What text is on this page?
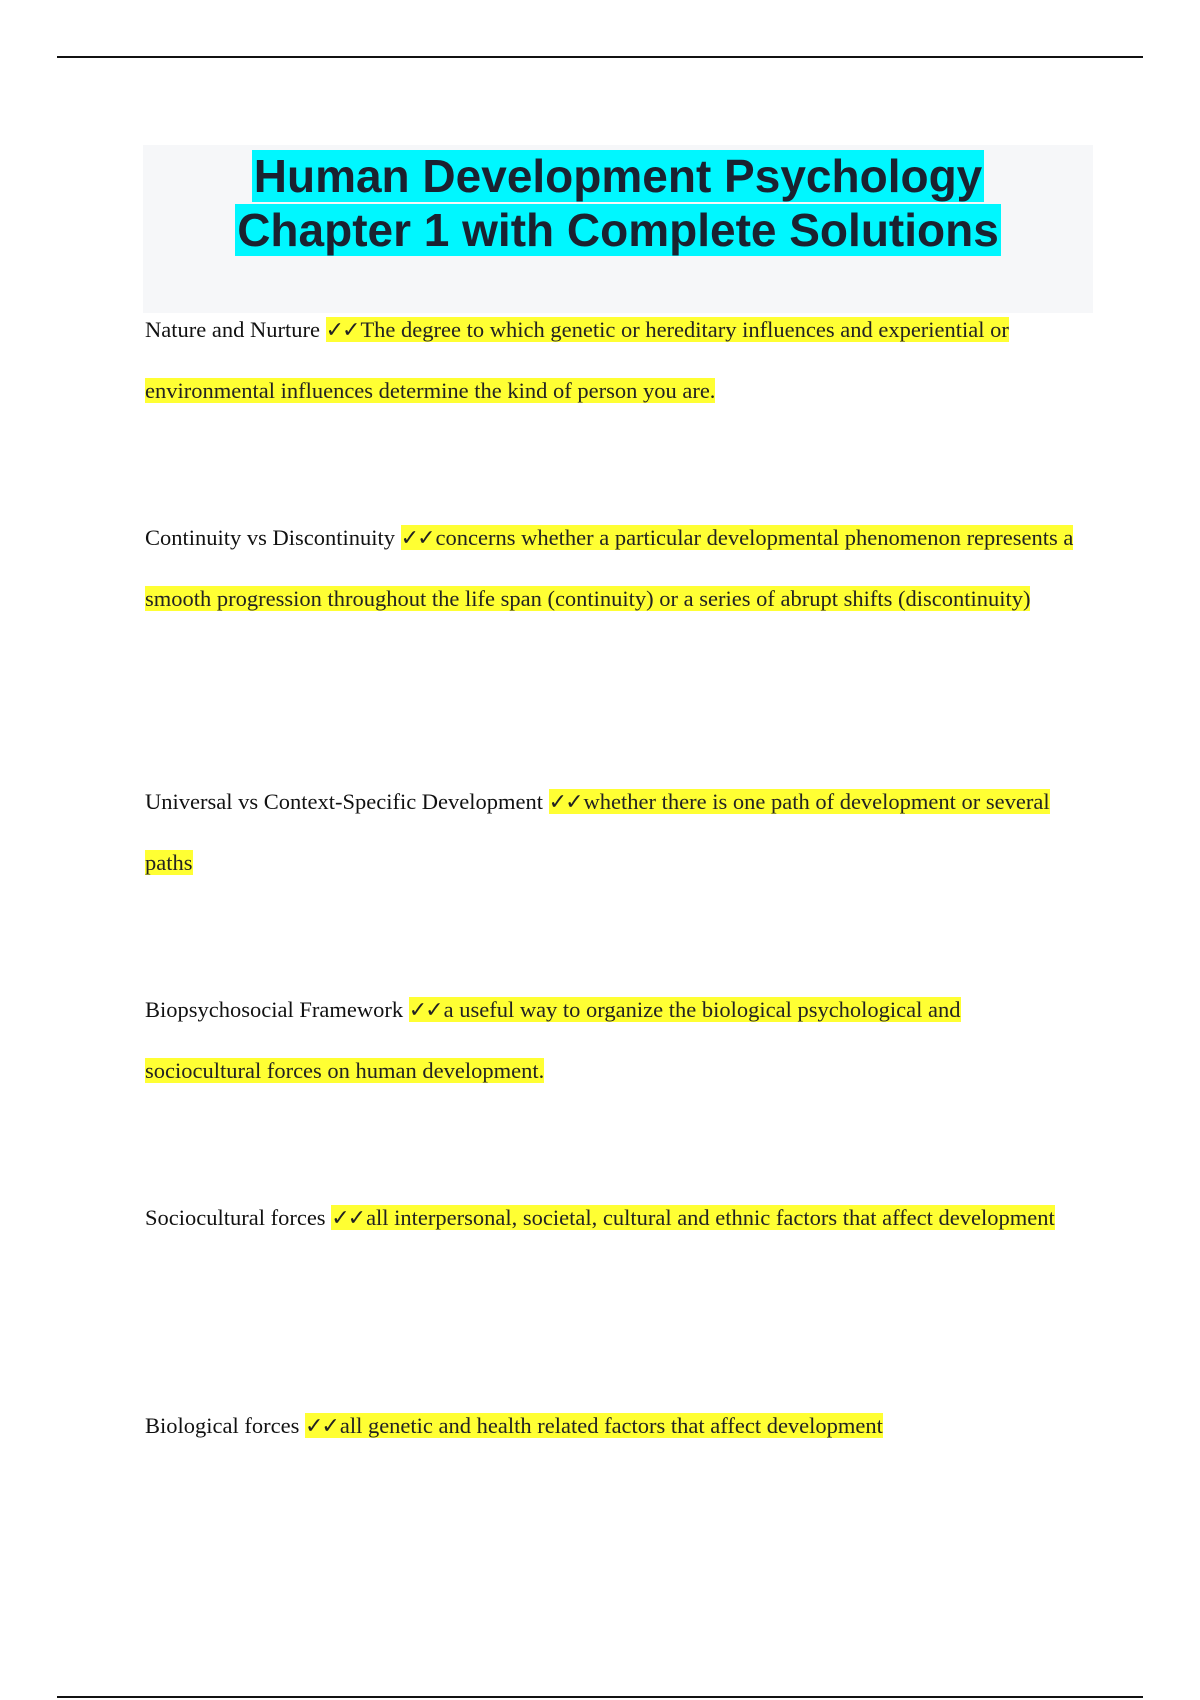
Human Development Psychology
Chapter 1 with Complete Solutions

Nature and Nurture ✓✓The degree to which genetic or hereditary influences and experiential or environmental influences determine the kind of person you are.

Continuity vs Discontinuity ✓✓concerns whether a particular developmental phenomenon represents a smooth progression throughout the life span (continuity) or a series of abrupt shifts (discontinuity)

Universal vs Context-Specific Development ✓✓whether there is one path of development or several paths

Biopsychosocial Framework ✓✓a useful way to organize the biological psychological and sociocultural forces on human development.

Sociocultural forces ✓✓all interpersonal, societal, cultural and ethnic factors that affect development

Biological forces ✓✓all genetic and health related factors that affect development
